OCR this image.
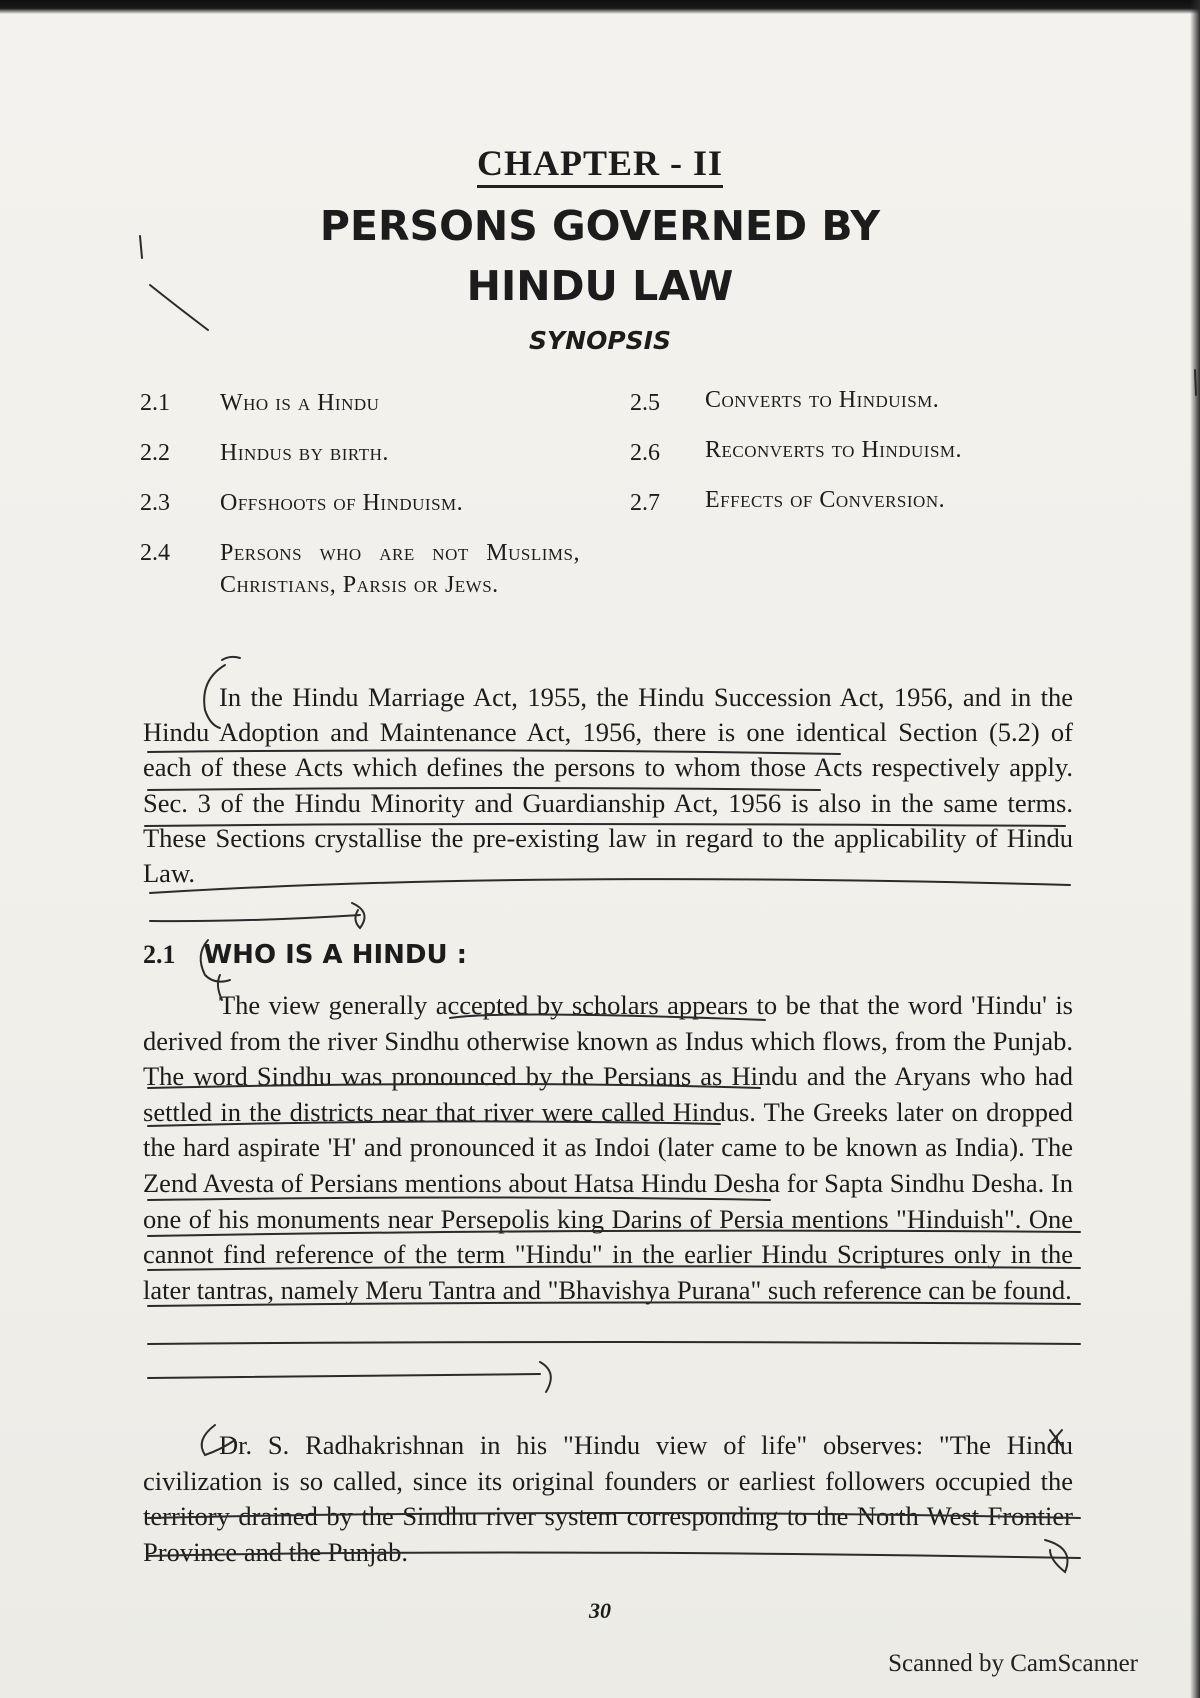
CHAPTER - II
PERSONS GOVERNED BY
HINDU LAW
SYNOPSIS
2.1 Who is a Hindu
2.2 Hindus by birth.
2.3 Offshoots of Hinduism.
2.4 Persons who are not Muslims, Christians, Parsis or Jews.
2.5 Converts to Hinduism.
2.6 Reconverts to Hinduism.
2.7 Effects of Conversion.

In the Hindu Marriage Act, 1955, the Hindu Succession Act, 1956, and in the Hindu Adoption and Maintenance Act, 1956, there is one identical Section (5.2) of each of these Acts which defines the persons to whom those Acts respectively apply. Sec. 3 of the Hindu Minority and Guardianship Act, 1956 is also in the same terms. These Sections crystallise the pre-existing law in regard to the applicability of Hindu Law.

2.1 WHO IS A HINDU :

The view generally accepted by scholars appears to be that the word 'Hindu' is derived from the river Sindhu otherwise known as Indus which flows, from the Punjab. The word Sindhu was pronounced by the Persians as Hindu and the Aryans who had settled in the districts near that river were called Hindus. The Greeks later on dropped the hard aspirate 'H' and pronounced it as Indoi (later came to be known as India). The Zend Avesta of Persians mentions about Hatsa Hindu Desha for Sapta Sindhu Desha. In one of his monuments near Persepolis king Darins of Persia mentions "Hinduish". One cannot find reference of the term "Hindu" in the earlier Hindu Scriptures only in the later tantras, namely Meru Tantra and "Bhavishya Purana" such reference can be found.

Dr. S. Radhakrishnan in his "Hindu view of life" observes: "The Hindu civilization is so called, since its original founders or earliest followers occupied the territory drained by the Sindhu river system corresponding to the North West Frontier Province and the Punjab.

30
Scanned by CamScanner
